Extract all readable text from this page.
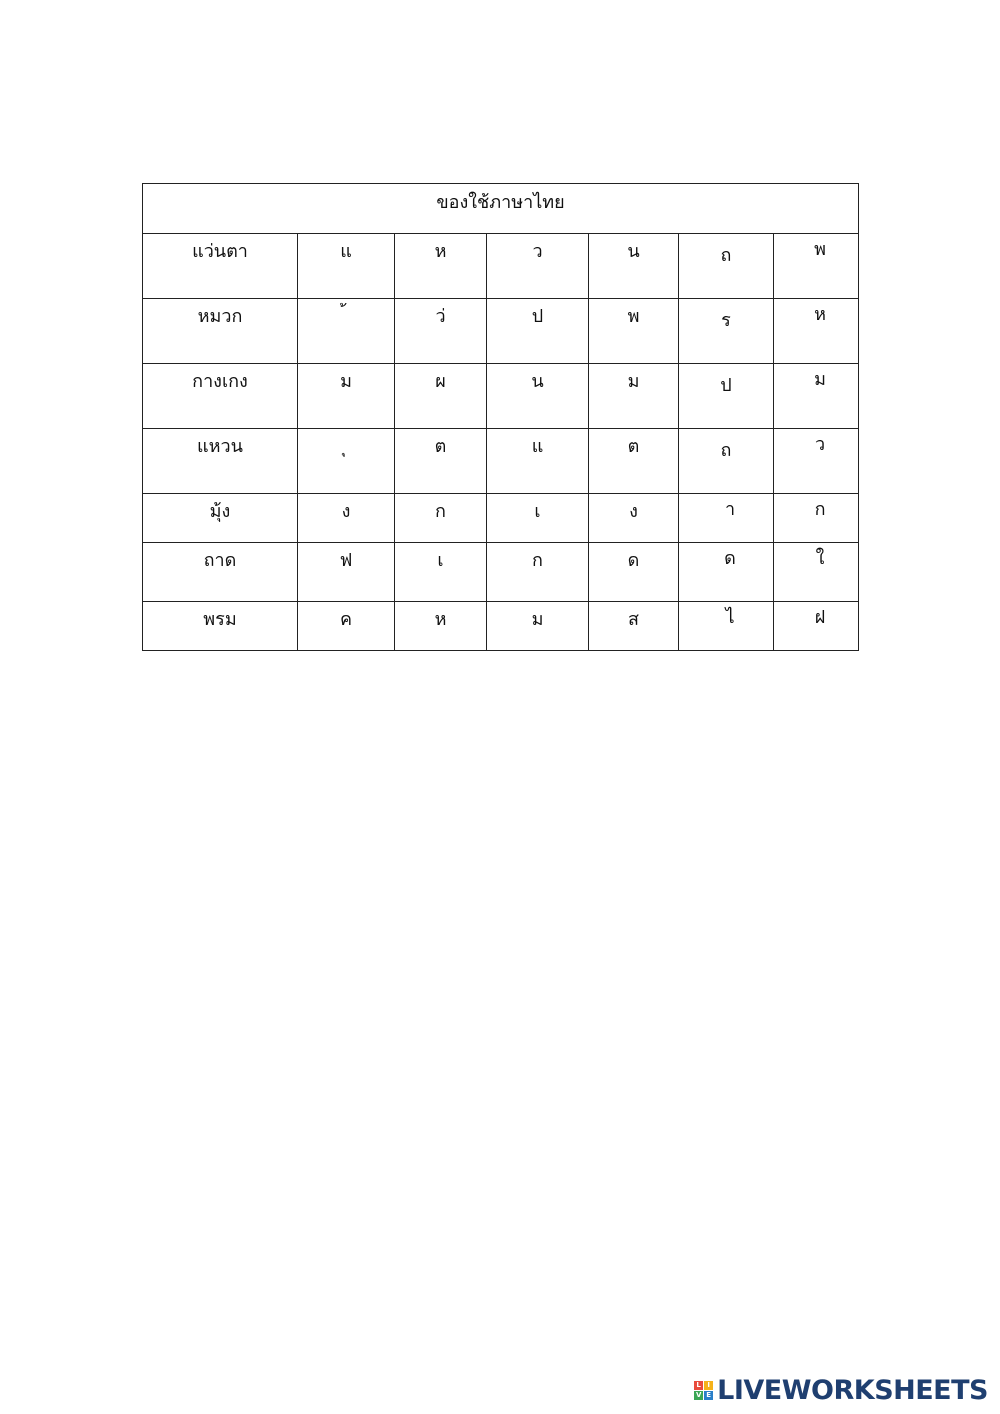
ของใช้ภาษาไทย						
แว่นตา	แ	ห	ว	น	ถ	พ
หมวก		ว่	ป	พ	ร	ห
กางเกง	ม	ผ	น	ม	ป	ม
แหวน		ต	แ	ต	ถ	ว
มุ้ง	ง	ก	เ	ง	า	ก
ถาด	ฟ	เ	ก	ด	ด	ใ
พรม	ค	ห	ม	ส	ไ	ฝ
L I
V E LIVEWORKSHEETS
